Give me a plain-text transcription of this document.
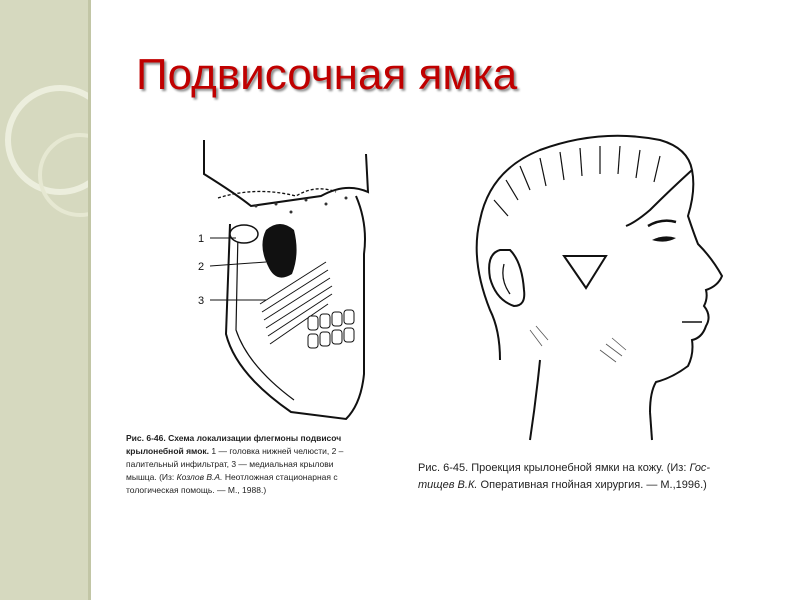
Подвисочная ямка
1
2
3
Рис. 6-46. Схема локализации флегмоны подвисоч
крылонебной ямок. 1 — головка нижней челюсти, 2 –
палительный инфильтрат, 3 — медиальная крылови
мышца. (Из: Козлов В.А. Неотложная стационарная с
тологическая помощь. — М., 1988.)
Рис. 6-45. Проекция крылонебной ямки на кожу. (Из: Гос-
тищев В.К. Оперативная гнойная хирургия. — М.,1996.)
